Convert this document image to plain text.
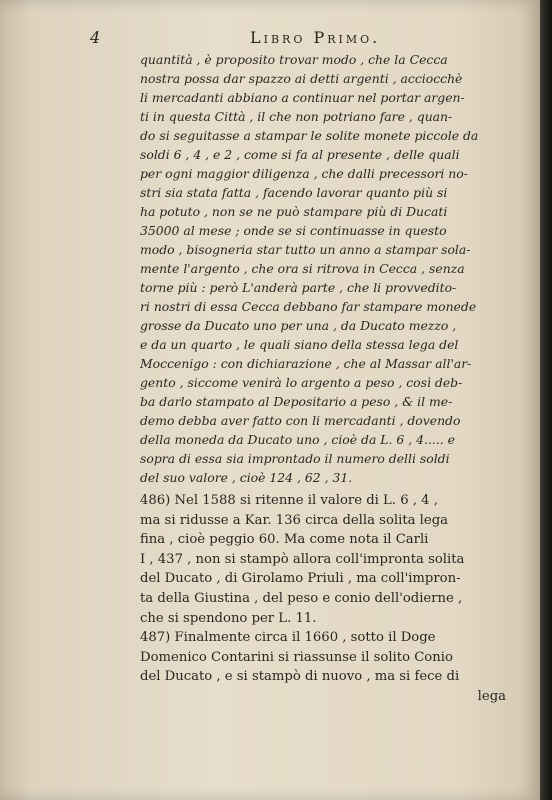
4	Libro Primo.
quantità , è proposito trovar modo , che la Cecca
nostra possa dar spazzo ai detti argenti , acciocchè
li mercadanti abbiano a continuar nel portar argen-
ti in questa Città , il che non potriano fare , quan-
do si seguitasse a stampar le solite monete piccole da
soldi 6 , 4 , e 2 , come si fa al presente , delle quali
per ogni maggior diligenza , che dalli precessori no-
stri sia stata fatta , facendo lavorar quanto più si
ha potuto , non se ne può stampare più di Ducati
35000 al mese ; onde se si continuasse in questo
modo , bisogneria star tutto un anno a stampar sola-
mente l'argento , che ora si ritrova in Cecca , senza
torne più : però L'anderà parte , che li provvedito-
ri nostri di essa Cecca debbano far stampare monede
grosse da Ducato uno per una , da Ducato mezzo ,
e da un quarto , le quali siano della stessa lega del
Moccenigo : con dichiarazione , che al Massar all'ar-
gento , siccome venirà lo argento a peso , così deb-
ba darlo stampato al Depositario a peso , & il me-
demo debba aver fatto con li mercadanti , dovendo
della moneda da Ducato uno , cioè da L. 6 , 4..... e
sopra di essa sia improntado il numero delli soldi
del suo valore , cioè 124 , 62 , 31.
486) Nel 1588 si ritenne il valore di L. 6 , 4 ,
ma si ridusse a Kar. 136 circa della solita lega
fina , cioè peggio 60. Ma come nota il Carli
I , 437 , non si stampò allora coll'impronta solita
del Ducato , di Girolamo Priuli , ma coll'impron-
ta della Giustina , del peso e conio dell'odierne ,
che si spendono per L. 11.
487) Finalmente circa il 1660 , sotto il Doge
Domenico Contarini si riassunse il solito Conio
del Ducato , e si stampò di nuovo , ma si fece di
lega
